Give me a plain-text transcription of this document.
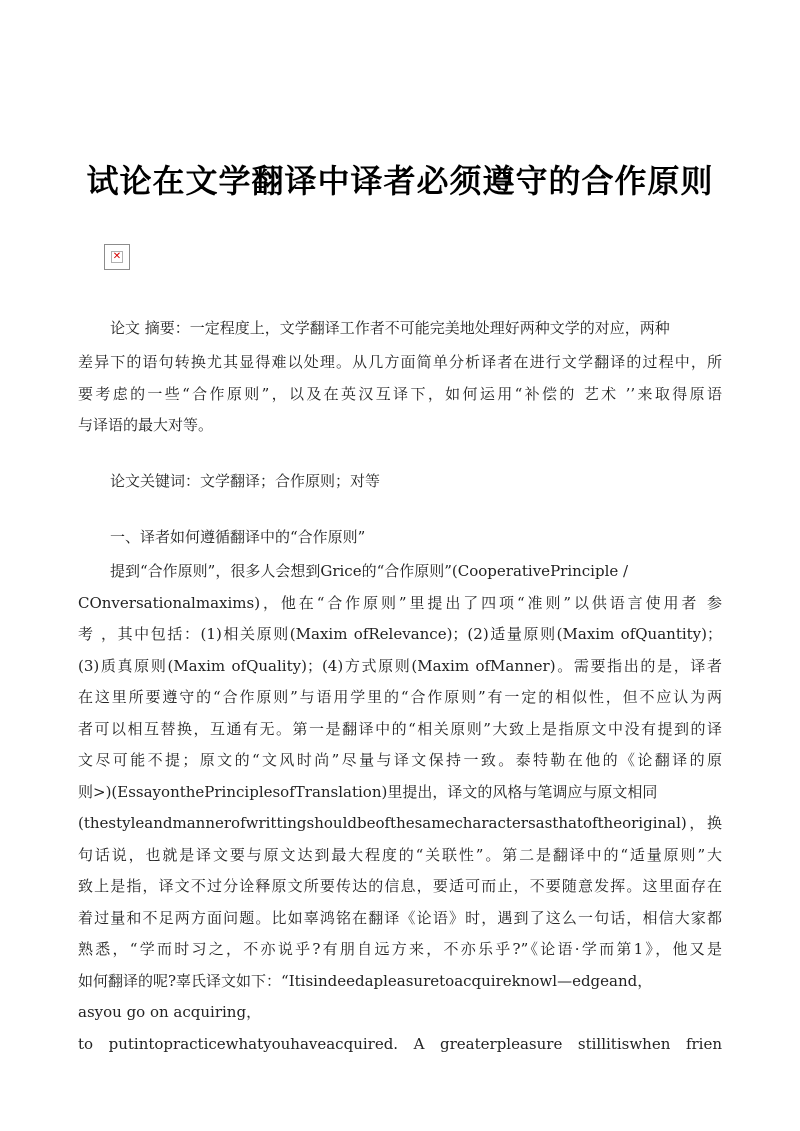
试论在文学翻译中译者必须遵守的合作原则
✕
论文 摘要：一定程度上，文学翻译工作者不可能完美地处理好两种文学的对应，两种
差异下的语句转换尤其显得难以处理。从几方面简单分析译者在进行文学翻译的过程中，所
要考虑的一些“合作原则”，以及在英汉互译下，如何运用“补偿的 艺术 ’’来取得原语
与译语的最大对等。
论文关键词：文学翻译；合作原则；对等
一、译者如何遵循翻译中的“合作原则”
提到“合作原则”，很多人会想到Grice的“合作原则”(CooperativePrinciple /
COnversationalmaxims)，他在“合作原则”里提出了四项“准则”以供语言使用者 参
考 ，其中包括：(1)相关原则(Maxim ofRelevance)；(2)适量原则(Maxim ofQuantity)；
(3)质真原则(Maxim ofQuality)；(4)方式原则(Maxim ofManner)。需要指出的是，译者
在这里所要遵守的“合作原则”与语用学里的“合作原则”有一定的相似性，但不应认为两
者可以相互替换，互通有无。第一是翻译中的“相关原则”大致上是指原文中没有提到的译
文尽可能不提；原文的“文风时尚”尽量与译文保持一致。泰特勒在他的《论翻译的原
则>)(EssayonthePrinciplesofTranslation)里提出，译文的风格与笔调应与原文相同
(thestyleandmannerofwrittingshouldbeofthesamecharactersasthatoftheoriginal)，换
句话说，也就是译文要与原文达到最大程度的“关联性”。第二是翻译中的“适量原则”大
致上是指，译文不过分诠释原文所要传达的信息，要适可而止，不要随意发挥。这里面存在
着过量和不足两方面问题。比如辜鸿铭在翻译《论语》时，遇到了这么一句话，相信大家都
熟悉，“学而时习之，不亦说乎?有朋自远方来，不亦乐乎?”《论语·学而第1》，他又是
如何翻译的呢?辜氏译文如下：“Itisindeedapleasuretoacquireknowl—edgeand，
asyou go on acquiring，
to putintopracticewhatyouhaveacquired. A greaterpleasure stillitiswhen frien
